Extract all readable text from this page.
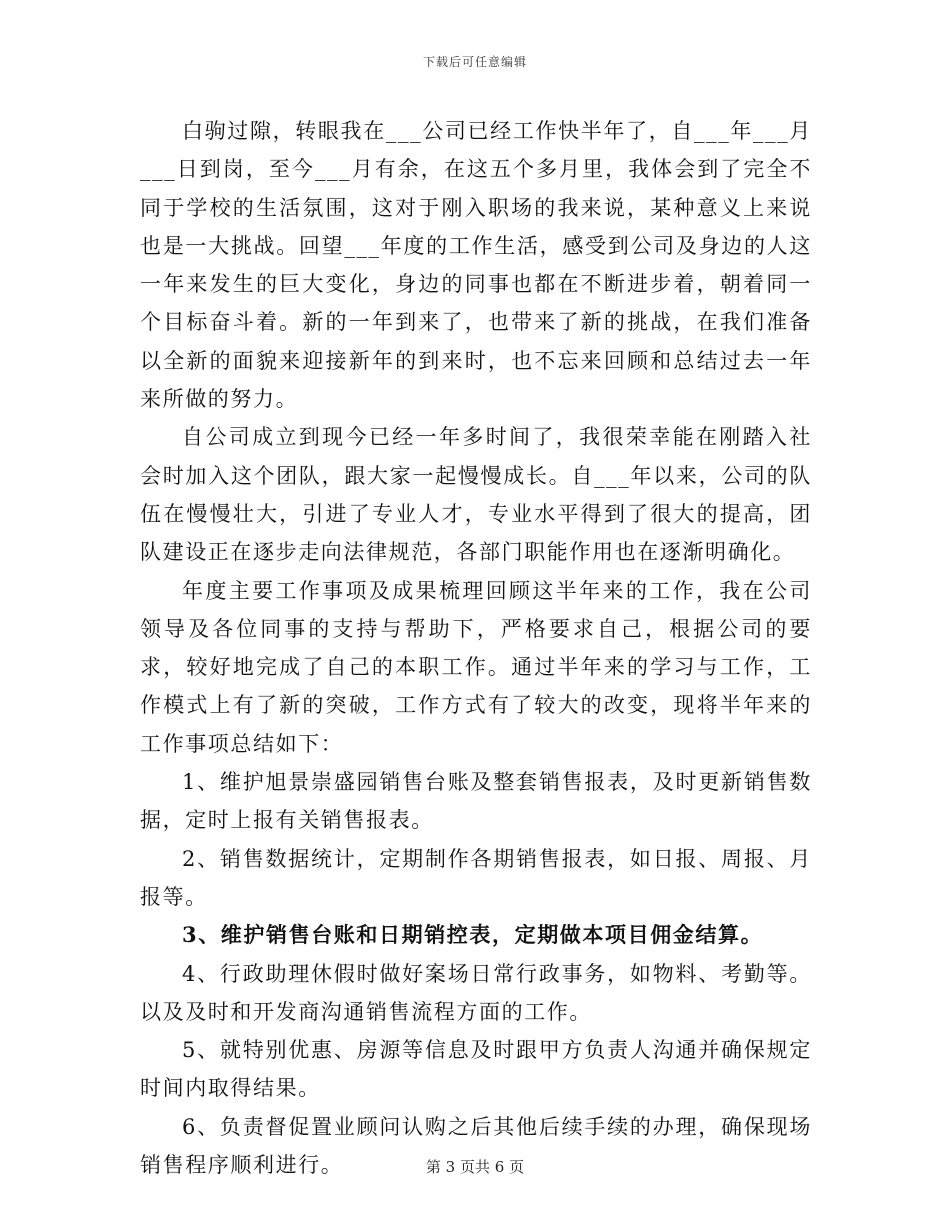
下载后可任意编辑

白驹过隙，转眼我在___公司已经工作快半年了，自___年___月___日到岗，至今___月有余，在这五个多月里，我体会到了完全不同于学校的生活氛围，这对于刚入职场的我来说，某种意义上来说也是一大挑战。回望___年度的工作生活，感受到公司及身边的人这一年来发生的巨大变化，身边的同事也都在不断进步着，朝着同一个目标奋斗着。新的一年到来了，也带来了新的挑战，在我们准备以全新的面貌来迎接新年的到来时，也不忘来回顾和总结过去一年来所做的努力。

自公司成立到现今已经一年多时间了，我很荣幸能在刚踏入社会时加入这个团队，跟大家一起慢慢成长。自___年以来，公司的队伍在慢慢壮大，引进了专业人才，专业水平得到了很大的提高，团队建设正在逐步走向法律规范，各部门职能作用也在逐渐明确化。

年度主要工作事项及成果梳理回顾这半年来的工作，我在公司领导及各位同事的支持与帮助下，严格要求自己，根据公司的要求，较好地完成了自己的本职工作。通过半年来的学习与工作，工作模式上有了新的突破，工作方式有了较大的改变，现将半年来的工作事项总结如下：

1、维护旭景崇盛园销售台账及整套销售报表，及时更新销售数据，定时上报有关销售报表。

2、销售数据统计，定期制作各期销售报表，如日报、周报、月报等。

3、维护销售台账和日期销控表，定期做本项目佣金结算。

4、行政助理休假时做好案场日常行政事务，如物料、考勤等。以及及时和开发商沟通销售流程方面的工作。

5、就特别优惠、房源等信息及时跟甲方负责人沟通并确保规定时间内取得结果。

6、负责督促置业顾问认购之后其他后续手续的办理，确保现场销售程序顺利进行。	第 3 页共 6 页
